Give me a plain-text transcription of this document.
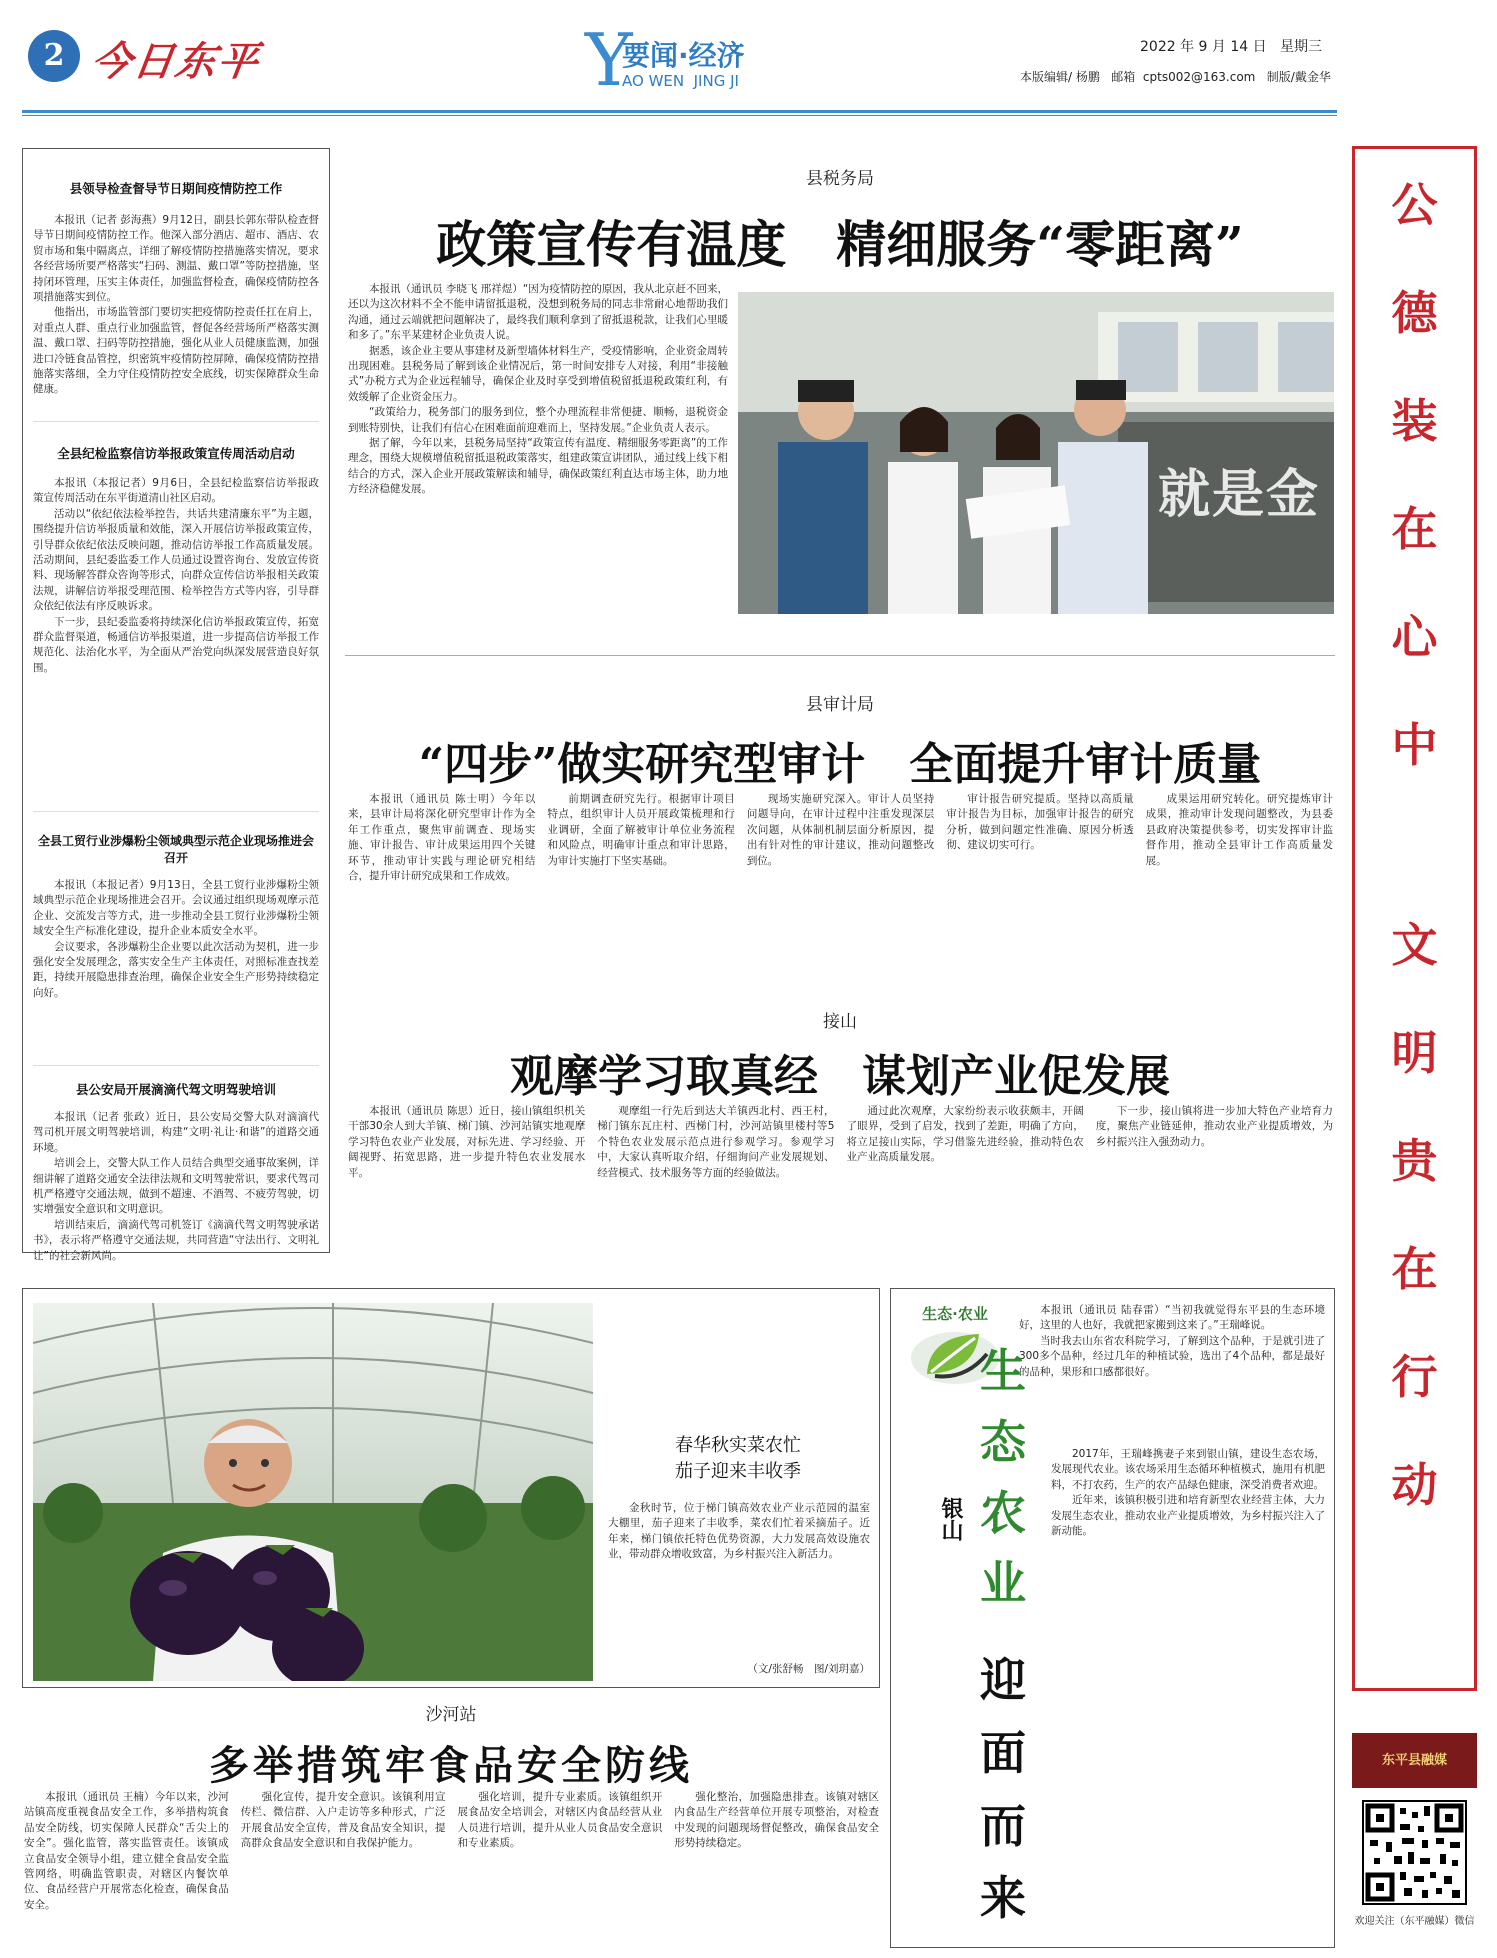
2 今日东平	Y
要闻·经济
AO WEN  JING JI
2022 年 9 月 14 日   星期三
本版编辑/ 杨鹏   邮箱  cpts002@163.com   制版/戴金华
公
德
装
在
心
中
文
明
贵
在
行
动
东平县融媒
欢迎关注（东平融媒）微信
县领导检查督导节日期间疫情防控工作

本报讯（记者 彭海燕）9月12日，副县长郭东带队检查督导节日期间疫情防控工作。他深入部分酒店、超市、酒店、农贸市场和集中隔离点，详细了解疫情防控措施落实情况，要求各经营场所要严格落实“扫码、测温、戴口罩”等防控措施，坚持闭环管理，压实主体责任，加强监督检查，确保疫情防控各项措施落实到位。

他指出，市场监管部门要切实把疫情防控责任扛在肩上，对重点人群、重点行业加强监管，督促各经营场所严格落实测温、戴口罩、扫码等防控措施，强化从业人员健康监测，加强进口冷链食品管控，织密筑牢疫情防控屏障，确保疫情防控措施落实落细，全力守住疫情防控安全底线，切实保障群众生命健康。

全县纪检监察信访举报政策宣传周活动启动

本报讯（本报记者）9月6日，全县纪检监察信访举报政策宣传周活动在东平街道清山社区启动。

活动以“依纪依法检举控告，共话共建清廉东平”为主题，围绕提升信访举报质量和效能，深入开展信访举报政策宣传，引导群众依纪依法反映问题，推动信访举报工作高质量发展。活动期间，县纪委监委工作人员通过设置咨询台、发放宣传资料、现场解答群众咨询等形式，向群众宣传信访举报相关政策法规，讲解信访举报受理范围、检举控告方式等内容，引导群众依纪依法有序反映诉求。

下一步，县纪委监委将持续深化信访举报政策宣传，拓宽群众监督渠道，畅通信访举报渠道，进一步提高信访举报工作规范化、法治化水平，为全面从严治党向纵深发展营造良好氛围。

全县工贸行业涉爆粉尘领域典型示范企业现场推进会召开

本报讯（本报记者）9月13日，全县工贸行业涉爆粉尘领域典型示范企业现场推进会召开。会议通过组织现场观摩示范企业、交流发言等方式，进一步推动全县工贸行业涉爆粉尘领域安全生产标准化建设，提升企业本质安全水平。

会议要求，各涉爆粉尘企业要以此次活动为契机，进一步强化安全发展理念，落实安全生产主体责任，对照标准查找差距，持续开展隐患排查治理，确保企业安全生产形势持续稳定向好。

县公安局开展滴滴代驾文明驾驶培训

本报讯（记者 张政）近日，县公安局交警大队对滴滴代驾司机开展文明驾驶培训，构建“文明·礼让·和谐”的道路交通环境。

培训会上，交警大队工作人员结合典型交通事故案例，详细讲解了道路交通安全法律法规和文明驾驶常识，要求代驾司机严格遵守交通法规，做到不超速、不酒驾、不疲劳驾驶，切实增强安全意识和文明意识。

培训结束后，滴滴代驾司机签订《滴滴代驾文明驾驶承诺书》，表示将严格遵守交通法规，共同营造“守法出行、文明礼让”的社会新风尚。

县税务局
政策宣传有温度　精细服务“零距离”

本报讯（通讯员 李晓飞 邢祥煜）“因为疫情防控的原因，我从北京赶不回来，还以为这次材料不全不能申请留抵退税，没想到税务局的同志非常耐心地帮助我们沟通，通过云端就把问题解决了，最终我们顺利拿到了留抵退税款，让我们心里暖和多了。”东平某建材企业负责人说。

据悉，该企业主要从事建材及新型墙体材料生产，受疫情影响，企业资金周转出现困难。县税务局了解到该企业情况后，第一时间安排专人对接，利用“非接触式”办税方式为企业远程辅导，确保企业及时享受到增值税留抵退税政策红利，有效缓解了企业资金压力。

“政策给力，税务部门的服务到位，整个办理流程非常便捷、顺畅，退税资金到账特别快，让我们有信心在困难面前迎难而上，坚持发展。”企业负责人表示。

据了解，今年以来，县税务局坚持“政策宣传有温度、精细服务零距离”的工作理念，围绕大规模增值税留抵退税政策落实，组建政策宣讲团队，通过线上线下相结合的方式，深入企业开展政策解读和辅导，确保政策红利直达市场主体，助力地方经济稳健发展。	就是金
县审计局
“四步”做实研究型审计　全面提升审计质量

本报讯（通讯员 陈士明）今年以来，县审计局将深化研究型审计作为全年工作重点，聚焦审前调查、现场实施、审计报告、审计成果运用四个关键环节，推动审计实践与理论研究相结合，提升审计研究成果和工作成效。

前期调查研究先行。根据审计项目特点，组织审计人员开展政策梳理和行业调研，全面了解被审计单位业务流程和风险点，明确审计重点和审计思路，为审计实施打下坚实基础。

现场实施研究深入。审计人员坚持问题导向，在审计过程中注重发现深层次问题，从体制机制层面分析原因，提出有针对性的审计建议，推动问题整改到位。

审计报告研究提质。坚持以高质量审计报告为目标，加强审计报告的研究分析，做到问题定性准确、原因分析透彻、建议切实可行。

成果运用研究转化。研究提炼审计成果，推动审计发现问题整改，为县委县政府决策提供参考，切实发挥审计监督作用，推动全县审计工作高质量发展。

接山
观摩学习取真经　谋划产业促发展

本报讯（通讯员 陈思）近日，接山镇组织机关干部30余人到大羊镇、梯门镇、沙河站镇实地观摩学习特色农业产业发展，对标先进、学习经验、开阔视野、拓宽思路，进一步提升特色农业发展水平。

观摩组一行先后到达大羊镇西北村、西王村，梯门镇东瓦庄村、西梯门村，沙河站镇里楼村等5个特色农业发展示范点进行参观学习。参观学习中，大家认真听取介绍，仔细询问产业发展规划、经营模式、技术服务等方面的经验做法。

通过此次观摩，大家纷纷表示收获颇丰，开阔了眼界，受到了启发，找到了差距，明确了方向，将立足接山实际，学习借鉴先进经验，推动特色农业产业高质量发展。

下一步，接山镇将进一步加大特色产业培育力度，聚焦产业链延伸，推动农业产业提质增效，为乡村振兴注入强劲动力。

春华秋实菜农忙
茄子迎来丰收季

金秋时节，位于梯门镇高效农业产业示范园的温室大棚里，茄子迎来了丰收季，菜农们忙着采摘茄子。近年来，梯门镇依托特色优势资源，大力发展高效设施农业，带动群众增收致富，为乡村振兴注入新活力。

（文/张舒畅　图/刘玥嘉）
沙河站
多举措筑牢食品安全防线

本报讯（通讯员 王楠）今年以来，沙河站镇高度重视食品安全工作，多举措构筑食品安全防线，切实保障人民群众“舌尖上的安全”。强化监管，落实监管责任。该镇成立食品安全领导小组，建立健全食品安全监管网络，明确监管职责，对辖区内餐饮单位、食品经营户开展常态化检查，确保食品安全。

强化宣传，提升安全意识。该镇利用宣传栏、微信群、入户走访等多种形式，广泛开展食品安全宣传，普及食品安全知识，提高群众食品安全意识和自我保护能力。

强化培训，提升专业素质。该镇组织开展食品安全培训会，对辖区内食品经营从业人员进行培训，提升从业人员食品安全意识和专业素质。

强化整治，加强隐患排查。该镇对辖区内食品生产经营单位开展专项整治，对检查中发现的问题现场督促整改，确保食品安全形势持续稳定。

生态·农业	本报讯（通讯员 陆春雷）“当初我就觉得东平县的生态环境好，这里的人也好，我就把家搬到这来了。”王瑞峰说。

当时我去山东省农科院学习，了解到这个品种，于是就引进了300多个品种，经过几年的种植试验，选出了4个品种，都是最好的品种，果形和口感都很好。

生
态
农
业
迎
面
而
来
银山

2017年，王瑞峰携妻子来到银山镇，建设生态农场，发展现代农业。该农场采用生态循环种植模式，施用有机肥料，不打农药，生产的农产品绿色健康，深受消费者欢迎。

近年来，该镇积极引进和培育新型农业经营主体，大力发展生态农业，推动农业产业提质增效，为乡村振兴注入了新动能。
